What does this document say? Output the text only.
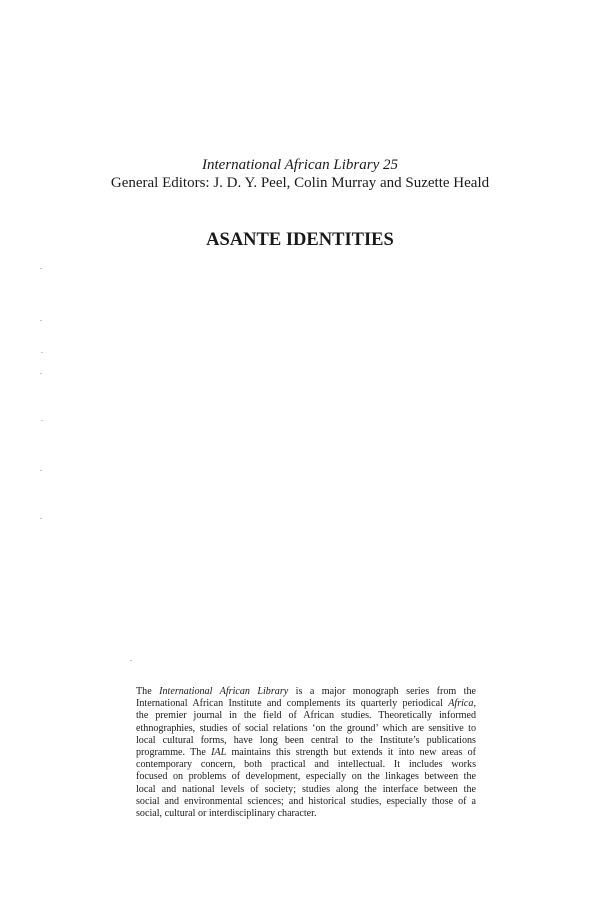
International African Library 25
General Editors: J. D. Y. Peel, Colin Murray and Suzette Heald
ASANTE IDENTITIES
The International African Library is a major monograph series from the
International African Institute and complements its quarterly periodical Africa,
the premier journal in the field of African studies. Theoretically informed
ethnographies, studies of social relations ‘on the ground’ which are sensitive to
local cultural forms, have long been central to the Institute’s publications
programme. The IAL maintains this strength but extends it into new areas of
contemporary concern, both practical and intellectual. It includes works
focused on problems of development, especially on the linkages between the
local and national levels of society; studies along the interface between the
social and environmental sciences; and historical studies, especially those of a
social, cultural or interdisciplinary character.
